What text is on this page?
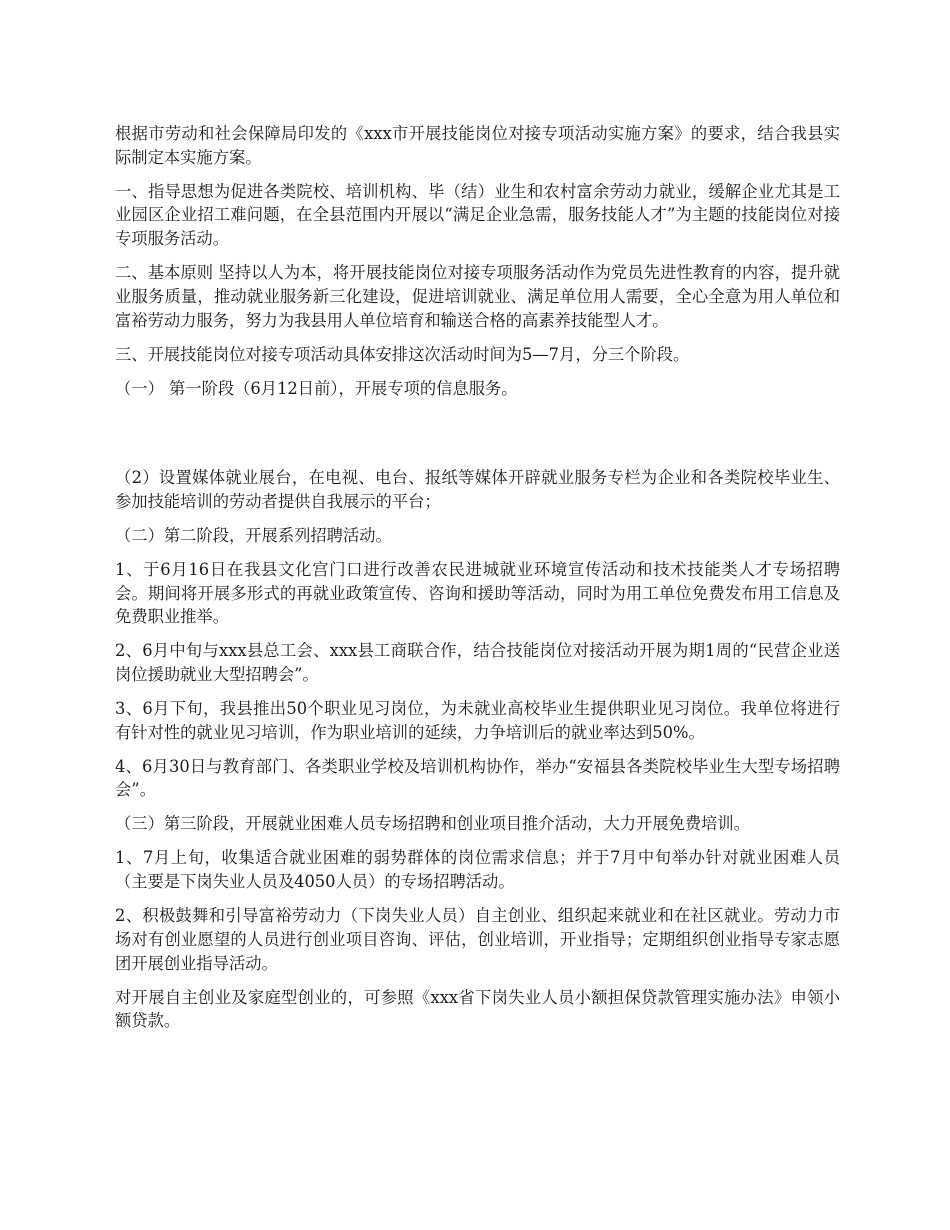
根据市劳动和社会保障局印发的《xxx市开展技能岗位对接专项活动实施方案》的要求，结合我县实际制定本实施方案。

一、指导思想为促进各类院校、培训机构、毕（结）业生和农村富余劳动力就业，缓解企业尤其是工业园区企业招工难问题，在全县范围内开展以“满足企业急需，服务技能人才”为主题的技能岗位对接专项服务活动。

二、基本原则 坚持以人为本，将开展技能岗位对接专项服务活动作为党员先进性教育的内容，提升就业服务质量，推动就业服务新三化建设，促进培训就业、满足单位用人需要，全心全意为用人单位和富裕劳动力服务，努力为我县用人单位培育和输送合格的高素养技能型人才。

三、开展技能岗位对接专项活动具体安排这次活动时间为5—7月，分三个阶段。

（一） 第一阶段（6月12日前），开展专项的信息服务。

（2）设置媒体就业展台，在电视、电台、报纸等媒体开辟就业服务专栏为企业和各类院校毕业生、参加技能培训的劳动者提供自我展示的平台；

（二）第二阶段，开展系列招聘活动。

1、于6月16日在我县文化宫门口进行改善农民进城就业环境宣传活动和技术技能类人才专场招聘会。期间将开展多形式的再就业政策宣传、咨询和援助等活动，同时为用工单位免费发布用工信息及免费职业推举。

2、6月中旬与xxx县总工会、xxx县工商联合作，结合技能岗位对接活动开展为期1周的“民营企业送岗位援助就业大型招聘会”。

3、6月下旬，我县推出50个职业见习岗位，为未就业高校毕业生提供职业见习岗位。我单位将进行有针对性的就业见习培训，作为职业培训的延续，力争培训后的就业率达到50%。

4、6月30日与教育部门、各类职业学校及培训机构协作，举办“安福县各类院校毕业生大型专场招聘会”。

（三）第三阶段，开展就业困难人员专场招聘和创业项目推介活动，大力开展免费培训。

1、7月上旬，收集适合就业困难的弱势群体的岗位需求信息；并于7月中旬举办针对就业困难人员（主要是下岗失业人员及4050人员）的专场招聘活动。

2、积极鼓舞和引导富裕劳动力（下岗失业人员）自主创业、组织起来就业和在社区就业。劳动力市场对有创业愿望的人员进行创业项目咨询、评估，创业培训，开业指导；定期组织创业指导专家志愿团开展创业指导活动。

对开展自主创业及家庭型创业的，可参照《xxx省下岗失业人员小额担保贷款管理实施办法》申领小额贷款。
